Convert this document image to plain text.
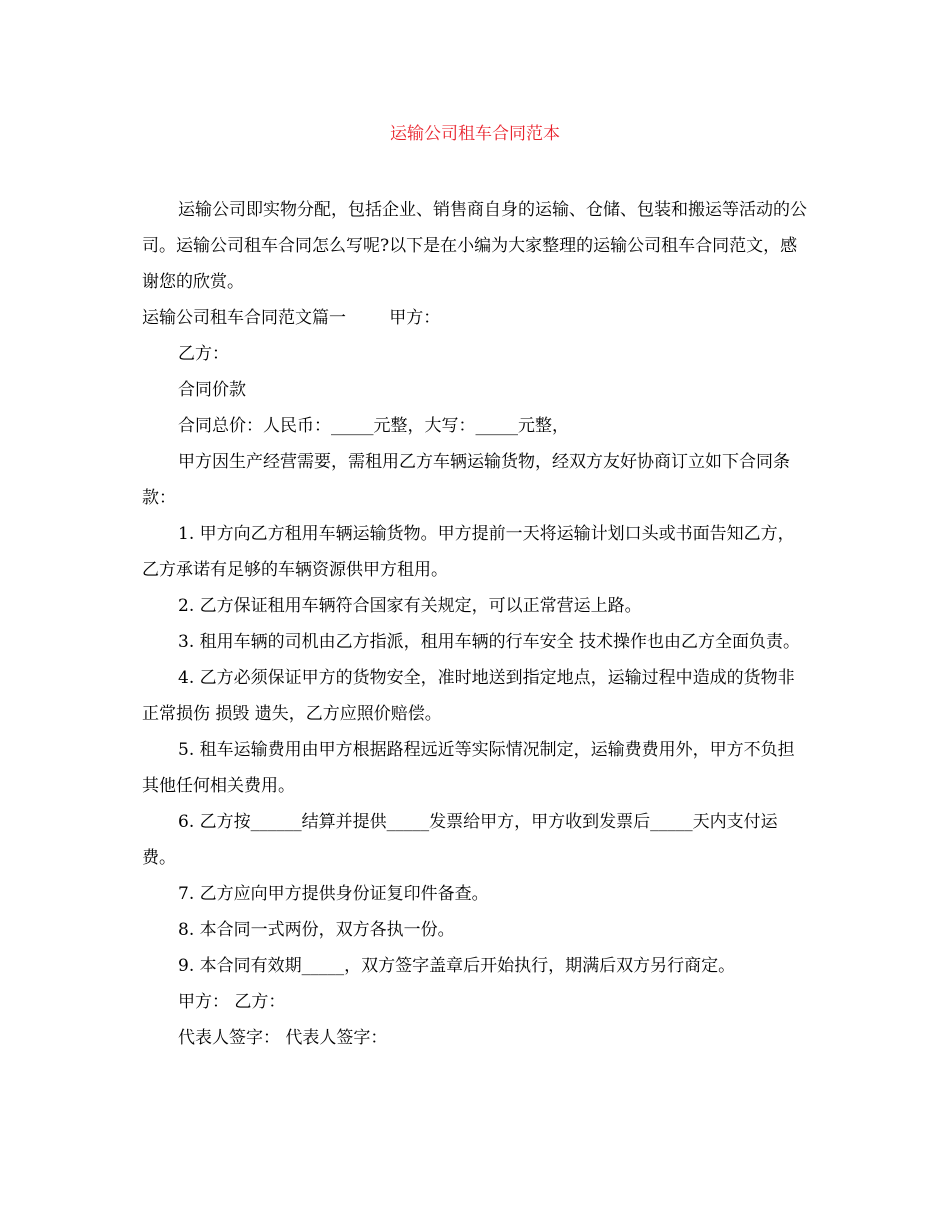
运输公司租车合同范本

运输公司即实物分配，包括企业、销售商自身的运输、仓储、包装和搬运等活动的公司。运输公司租车合同怎么写呢?以下是在小编为大家整理的运输公司租车合同范文，感谢您的欣赏。

运输公司租车合同范文篇一        甲方：

乙方：

合同价款

合同总价：人民币：_____元整，大写：_____元整，

甲方因生产经营需要，需租用乙方车辆运输货物，经双方友好协商订立如下合同条款：

1. 甲方向乙方租用车辆运输货物。甲方提前一天将运输计划口头或书面告知乙方，乙方承诺有足够的车辆资源供甲方租用。

2. 乙方保证租用车辆符合国家有关规定，可以正常营运上路。

3. 租用车辆的司机由乙方指派，租用车辆的行车安全 技术操作也由乙方全面负责。

4. 乙方必须保证甲方的货物安全，准时地送到指定地点，运输过程中造成的货物非正常损伤 损毁 遗失，乙方应照价赔偿。

5. 租车运输费用由甲方根据路程远近等实际情况制定，运输费费用外，甲方不负担其他任何相关费用。

6. 乙方按______结算并提供_____发票给甲方，甲方收到发票后_____天内支付运费。

7. 乙方应向甲方提供身份证复印件备查。

8. 本合同一式两份，双方各执一份。

9. 本合同有效期_____，双方签字盖章后开始执行，期满后双方另行商定。

甲方： 乙方：

代表人签字： 代表人签字：
